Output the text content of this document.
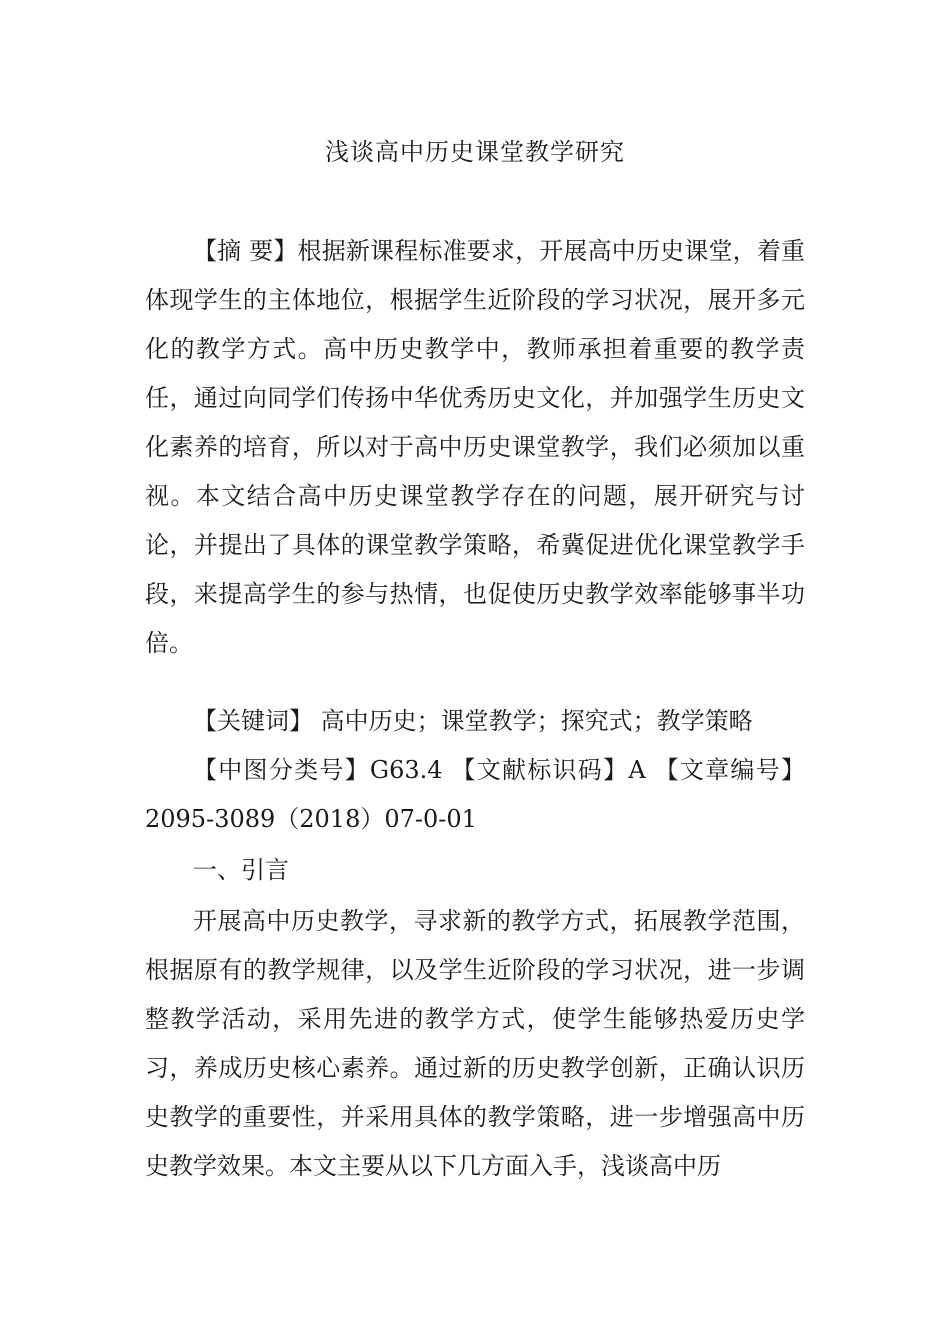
浅谈高中历史课堂教学研究

【摘 要】根据新课程标准要求，开展高中历史课堂，着重体现学生的主体地位，根据学生近阶段的学习状况，展开多元化的教学方式。高中历史教学中，教师承担着重要的教学责任，通过向同学们传扬中华优秀历史文化，并加强学生历史文化素养的培育，所以对于高中历史课堂教学，我们必须加以重视。本文结合高中历史课堂教学存在的问题，展开研究与讨论，并提出了具体的课堂教学策略，希冀促进优化课堂教学手段，来提高学生的参与热情，也促使历史教学效率能够事半功倍。

【关键词】 高中历史；课堂教学；探究式；教学策略

【中图分类号】G63.4 【文献标识码】A 【文章编号】2095-3089（2018）07-0-01

一、引言

开展高中历史教学，寻求新的教学方式，拓展教学范围，根据原有的教学规律，以及学生近阶段的学习状况，进一步调整教学活动，采用先进的教学方式，使学生能够热爱历史学习，养成历史核心素养。通过新的历史教学创新，正确认识历史教学的重要性，并采用具体的教学策略，进一步增强高中历史教学效果。本文主要从以下几方面入手，浅谈高中历
